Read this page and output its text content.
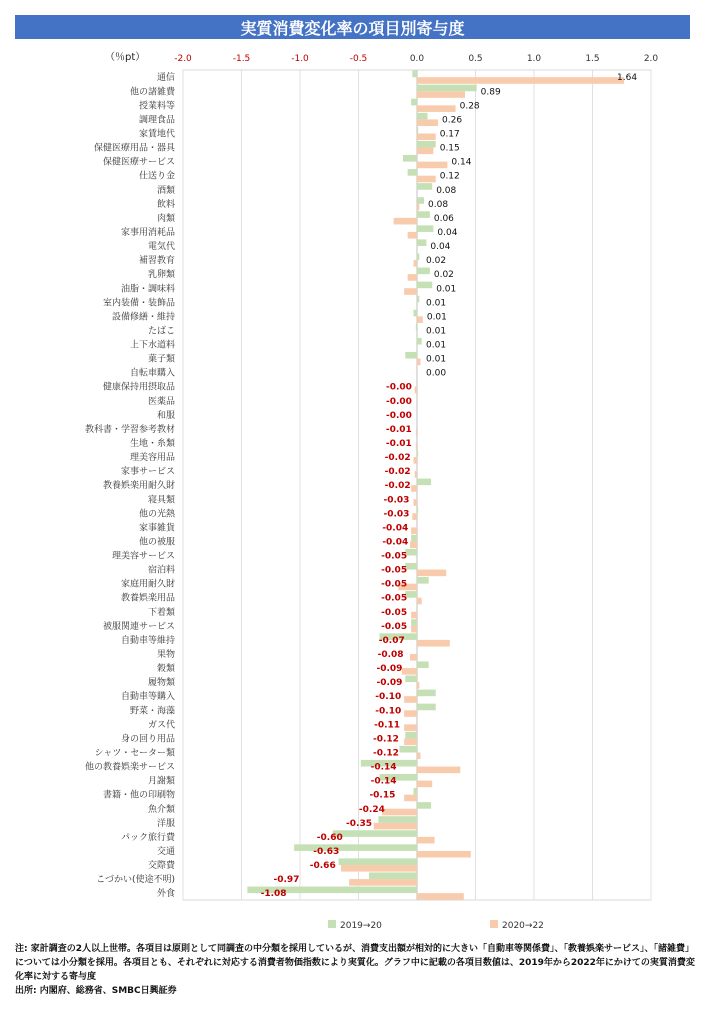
実質消費変化率の項目別寄与度
（％pt）	-2.0	-1.5	-1.0	-0.5	0.0	0.5	1.0	1.5	2.0
通信
他の諸雑費
授業料等
調理食品
家賃地代
保健医療用品・器具
保健医療サービス
仕送り金
酒類
飲料
肉類
家事用消耗品
電気代
補習教育
乳卵類
油脂・調味料
室内装備・装飾品
設備修繕・維持
たばこ
上下水道料
菓子類
自転車購入
健康保持用摂取品
医薬品
和服
教科書・学習参考教材
生地・糸類
理美容用品
家事サービス
教養娯楽用耐久財
寝具類
他の光熱
家事雑貨
他の被服
理美容サービス
宿泊料
家庭用耐久財
教養娯楽用品
下着類
被服関連サービス
自動車等維持
果物
穀類
履物類
自動車等購入
野菜・海藻
ガス代
身の回り用品
シャツ・セーター類
他の教養娯楽サービス
月謝類
書籍・他の印刷物
魚介類
洋服
パック旅行費
交通
交際費
こづかい(使途不明)
外食
1.64
0.89
0.28
0.26
0.17
0.15
0.14
0.12
0.08
0.08
0.06
0.04
0.04
0.02
0.02
0.01
0.01
0.01
0.01
0.01
0.01
0.00
-0.00
-0.00
-0.00
-0.01
-0.01
-0.02
-0.02
-0.02
-0.03
-0.03
-0.04
-0.04
-0.05
-0.05
-0.05
-0.05
-0.05
-0.05
-0.07
-0.08
-0.09
-0.09
-0.10
-0.10
-0.11
-0.12
-0.12
-0.14
-0.14
-0.15
-0.24
-0.35
-0.60
-0.63
-0.66
-0.97
-1.08
2019→20	2020→22

注: 家計調査の2人以上世帯。各項目は原則として同調査の中分類を採用しているが、消費支出額が相対的に大きい「自動車等関係費」、「教養娯楽サービス」、「諸雑費」については小分類を採用。各項目とも、それぞれに対応する消費者物価指数により実質化。グラフ中に記載の各項目数値は、2019年から2022年にかけての実質消費変化率に対する寄与度

出所: 内閣府、総務省、SMBC日興証券
